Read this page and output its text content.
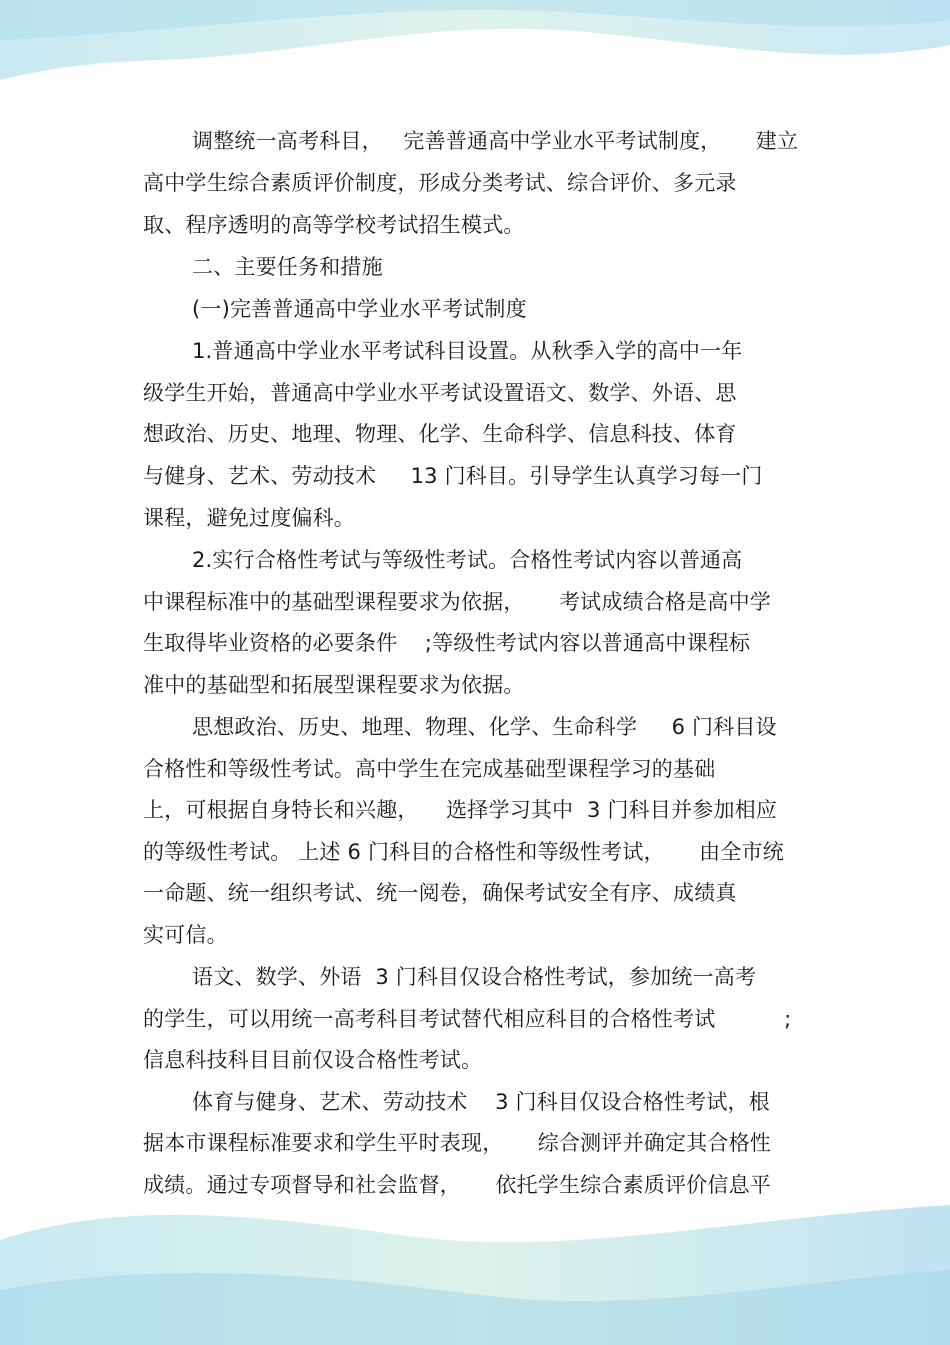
调整统一高考科目，   完善普通高中学业水平考试制度，     建立
高中学生综合素质评价制度，形成分类考试、综合评价、多元录
取、程序透明的高等学校考试招生模式。
二、主要任务和措施
(一)完善普通高中学业水平考试制度
1.普通高中学业水平考试科目设置。从秋季入学的高中一年
级学生开始，普通高中学业水平考试设置语文、数学、外语、思
想政治、历史、地理、物理、化学、生命科学、信息科技、体育
与健身、艺术、劳动技术     13 门科目。引导学生认真学习每一门
课程，避免过度偏科。
2.实行合格性考试与等级性考试。合格性考试内容以普通高
中课程标准中的基础型课程要求为依据，     考试成绩合格是高中学
生取得毕业资格的必要条件    ;等级性考试内容以普通高中课程标
准中的基础型和拓展型课程要求为依据。
思想政治、历史、地理、物理、化学、生命科学     6 门科目设
合格性和等级性考试。高中学生在完成基础型课程学习的基础
上，可根据自身特长和兴趣，    选择学习其中  3 门科目并参加相应
的等级性考试。 上述 6 门科目的合格性和等级性考试，     由全市统
一命题、统一组织考试、统一阅卷，确保考试安全有序、成绩真
实可信。
语文、数学、外语  3 门科目仅设合格性考试，参加统一高考
的学生，可以用统一高考科目考试替代相应科目的合格性考试          ;
信息科技科目目前仅设合格性考试。
体育与健身、艺术、劳动技术    3 门科目仅设合格性考试，根
据本市课程标准要求和学生平时表现，     综合测评并确定其合格性
成绩。通过专项督导和社会监督，     依托学生综合素质评价信息平
